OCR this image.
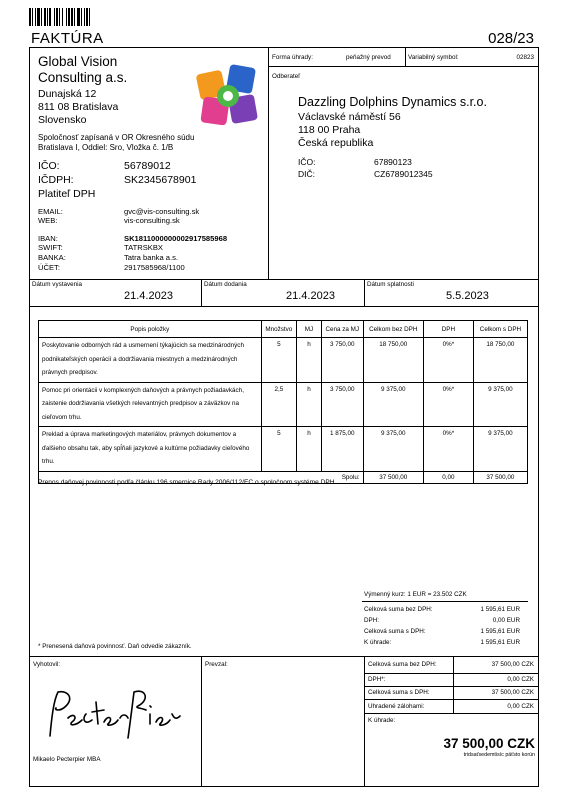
FAKTÚRA	028/23
Global Vision
Consulting a.s.
Dunajská 12
811 08 Bratislava
Slovensko
Spoločnosť zapísaná v OR Okresného súdu
Bratislava I, Oddiel: Sro, Vložka č. 1/B
IČO:	56789012
IČDPH:	SK2345678901
Platiteľ DPH
EMAIL:	gvc@vis-consulting.sk
WEB:	vis-consulting.sk
IBAN:	SK1811000000002917585968
SWIFT:	TATRSKBX
BANKA:	Tatra banka a.s.
ÚČET:	2917585968/1100
Forma úhrady:	peňažný prevod	Variabilný symbol:	02823
Odberateľ
Dazzling Dolphins Dynamics s.r.o.
Václavské náměstí 56
118 00 Praha
Česká republika
IČO:	67890123
DIČ:	CZ6789012345
Dátum vystavenia
21.4.2023
Dátum dodania
21.4.2023
Dátum splatnosti
5.5.2023
Popis položky	Množstvo	MJ	Cena za MJ	Celkom bez DPH	DPH	Celkom s DPH
Poskytovanie odborných rád a usmernení týkajúcich sa medzinárodných podnikateľských operácií a dodržiavania miestnych a medzinárodných právnych predpisov.	5	h	3 750,00	18 750,00	0%*	18 750,00
Pomoc pri orientácii v komplexných daňových a právnych požiadavkách, zaistenie dodržiavania všetkých relevantných predpisov a záväzkov na cieľovom trhu.	2,5	h	3 750,00	9 375,00	0%*	9 375,00
Preklad a úprava marketingových materiálov, právnych dokumentov a ďalšieho obsahu tak, aby spĺňali jazykové a kultúrne požiadavky cieľového trhu.	5	h	1 875,00	9 375,00	0%*	9 375,00
Spolu:				37 500,00	0,00	37 500,00
Prenos daňovej povinnosti podľa článku 196 smernice Rady 2006/112/EC o spoločnom systéme DPH
Výmenný kurz: 1 EUR = 23.502 CZK
Celková suma bez DPH:	1 595,61 EUR
DPH:	0,00 EUR
Celková suma s DPH:	1 595,61 EUR
K úhrade:	1 595,61 EUR
* Prenesená daňová povinnosť. Daň odvedie zákazník.
Vyhotovil:
Mikaelo Pecterpier MBA
Prevzal:	Celková suma bez DPH:	37 500,00 CZK
DPH*:	0,00 CZK
Celková suma s DPH:	37 500,00 CZK
Uhradené zálohami:	0,00 CZK
K úhrade:
37 500,00 CZK
tridsaťsedemtisíc päťsto korún
